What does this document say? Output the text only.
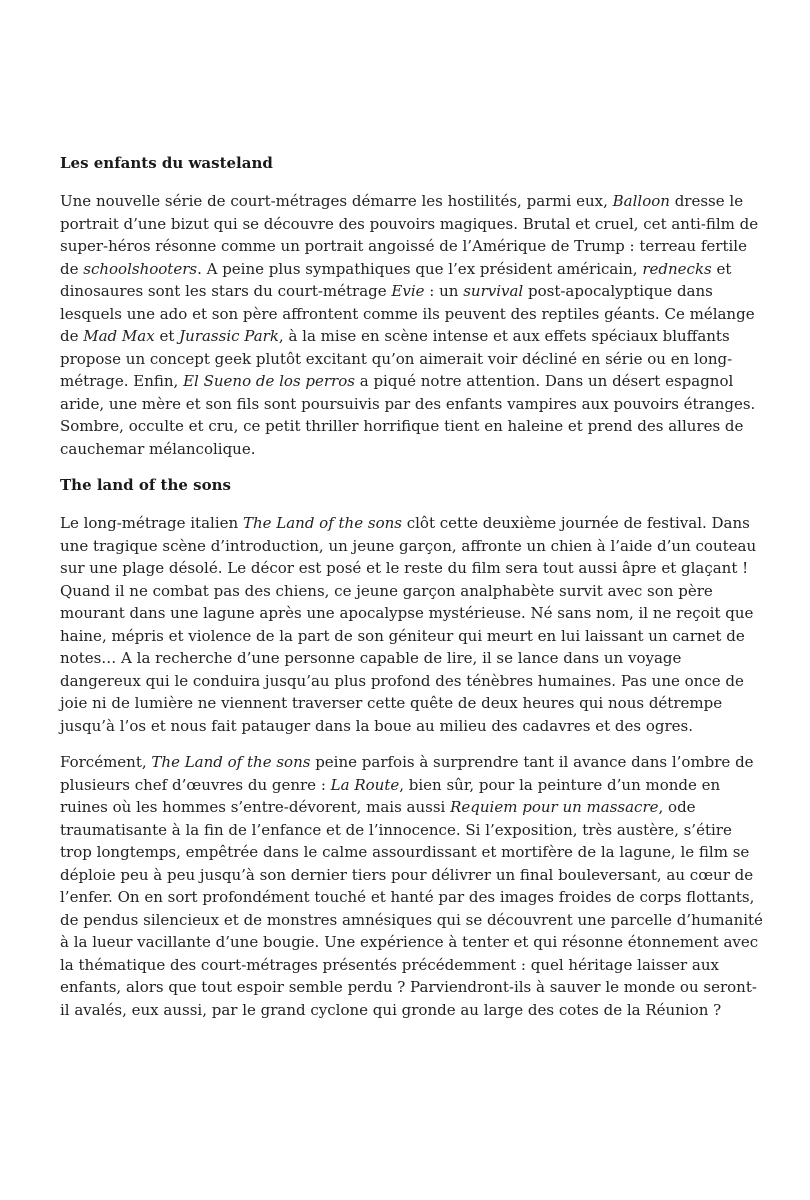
Les enfants du wasteland

Une nouvelle série de court-métrages démarre les hostilités, parmi eux, Balloon dresse le portrait d’une bizut qui se découvre des pouvoirs magiques. Brutal et cruel, cet anti-film de super-héros résonne comme un portrait angoissé de l’Amérique de Trump : terreau fertile de schoolshooters. A peine plus sympathiques que l’ex président américain, rednecks et dinosaures sont les stars du court-métrage Evie : un survival post-apocalyptique dans lesquels une ado et son père affrontent comme ils peuvent des reptiles géants. Ce mélange de Mad Max et Jurassic Park, à la mise en scène intense et aux effets spéciaux bluffants propose un concept geek plutôt excitant qu’on aimerait voir décliné en série ou en long-métrage. Enfin, El Sueno de los perros a piqué notre attention. Dans un désert espagnol aride, une mère et son fils sont poursuivis par des enfants vampires aux pouvoirs étranges. Sombre, occulte et cru, ce petit thriller horrifique tient en haleine et prend des allures de cauchemar mélancolique.

The land of the sons

Le long-métrage italien The Land of the sons clôt cette deuxième journée de festival. Dans une tragique scène d’introduction, un jeune garçon, affronte un chien à l’aide d’un couteau sur une plage désolé. Le décor est posé et le reste du film sera tout aussi âpre et glaçant ! Quand il ne combat pas des chiens, ce jeune garçon analphabète survit avec son père mourant dans une lagune après une apocalypse mystérieuse. Né sans nom, il ne reçoit que haine, mépris et violence de la part de son géniteur qui meurt en lui laissant un carnet de notes… A la recherche d’une personne capable de lire, il se lance dans un voyage dangereux qui le conduira jusqu’au plus profond des ténèbres humaines. Pas une once de joie ni de lumière ne viennent traverser cette quête de deux heures qui nous détrempe jusqu’à l’os et nous fait patauger dans la boue au milieu des cadavres et des ogres.

Forcément, The Land of the sons peine parfois à surprendre tant il avance dans l’ombre de plusieurs chef d’œuvres du genre : La Route, bien sûr, pour la peinture d’un monde en ruines où les hommes s’entre-dévorent, mais aussi Requiem pour un massacre, ode traumatisante à la fin de l’enfance et de l’innocence. Si l’exposition, très austère, s’étire trop longtemps, empêtrée dans le calme assourdissant et mortifère de la lagune, le film se déploie peu à peu jusqu’à son dernier tiers pour délivrer un final bouleversant, au cœur de l’enfer. On en sort profondément touché et hanté par des images froides de corps flottants, de pendus silencieux et de monstres amnésiques qui se découvrent une parcelle d’humanité à la lueur vacillante d’une bougie. Une expérience à tenter et qui résonne étonnement avec la thématique des court-métrages présentés précédemment : quel héritage laisser aux enfants, alors que tout espoir semble perdu ? Parviendront-ils à sauver le monde ou seront-il avalés, eux aussi, par le grand cyclone qui gronde au large des cotes de la Réunion ?
